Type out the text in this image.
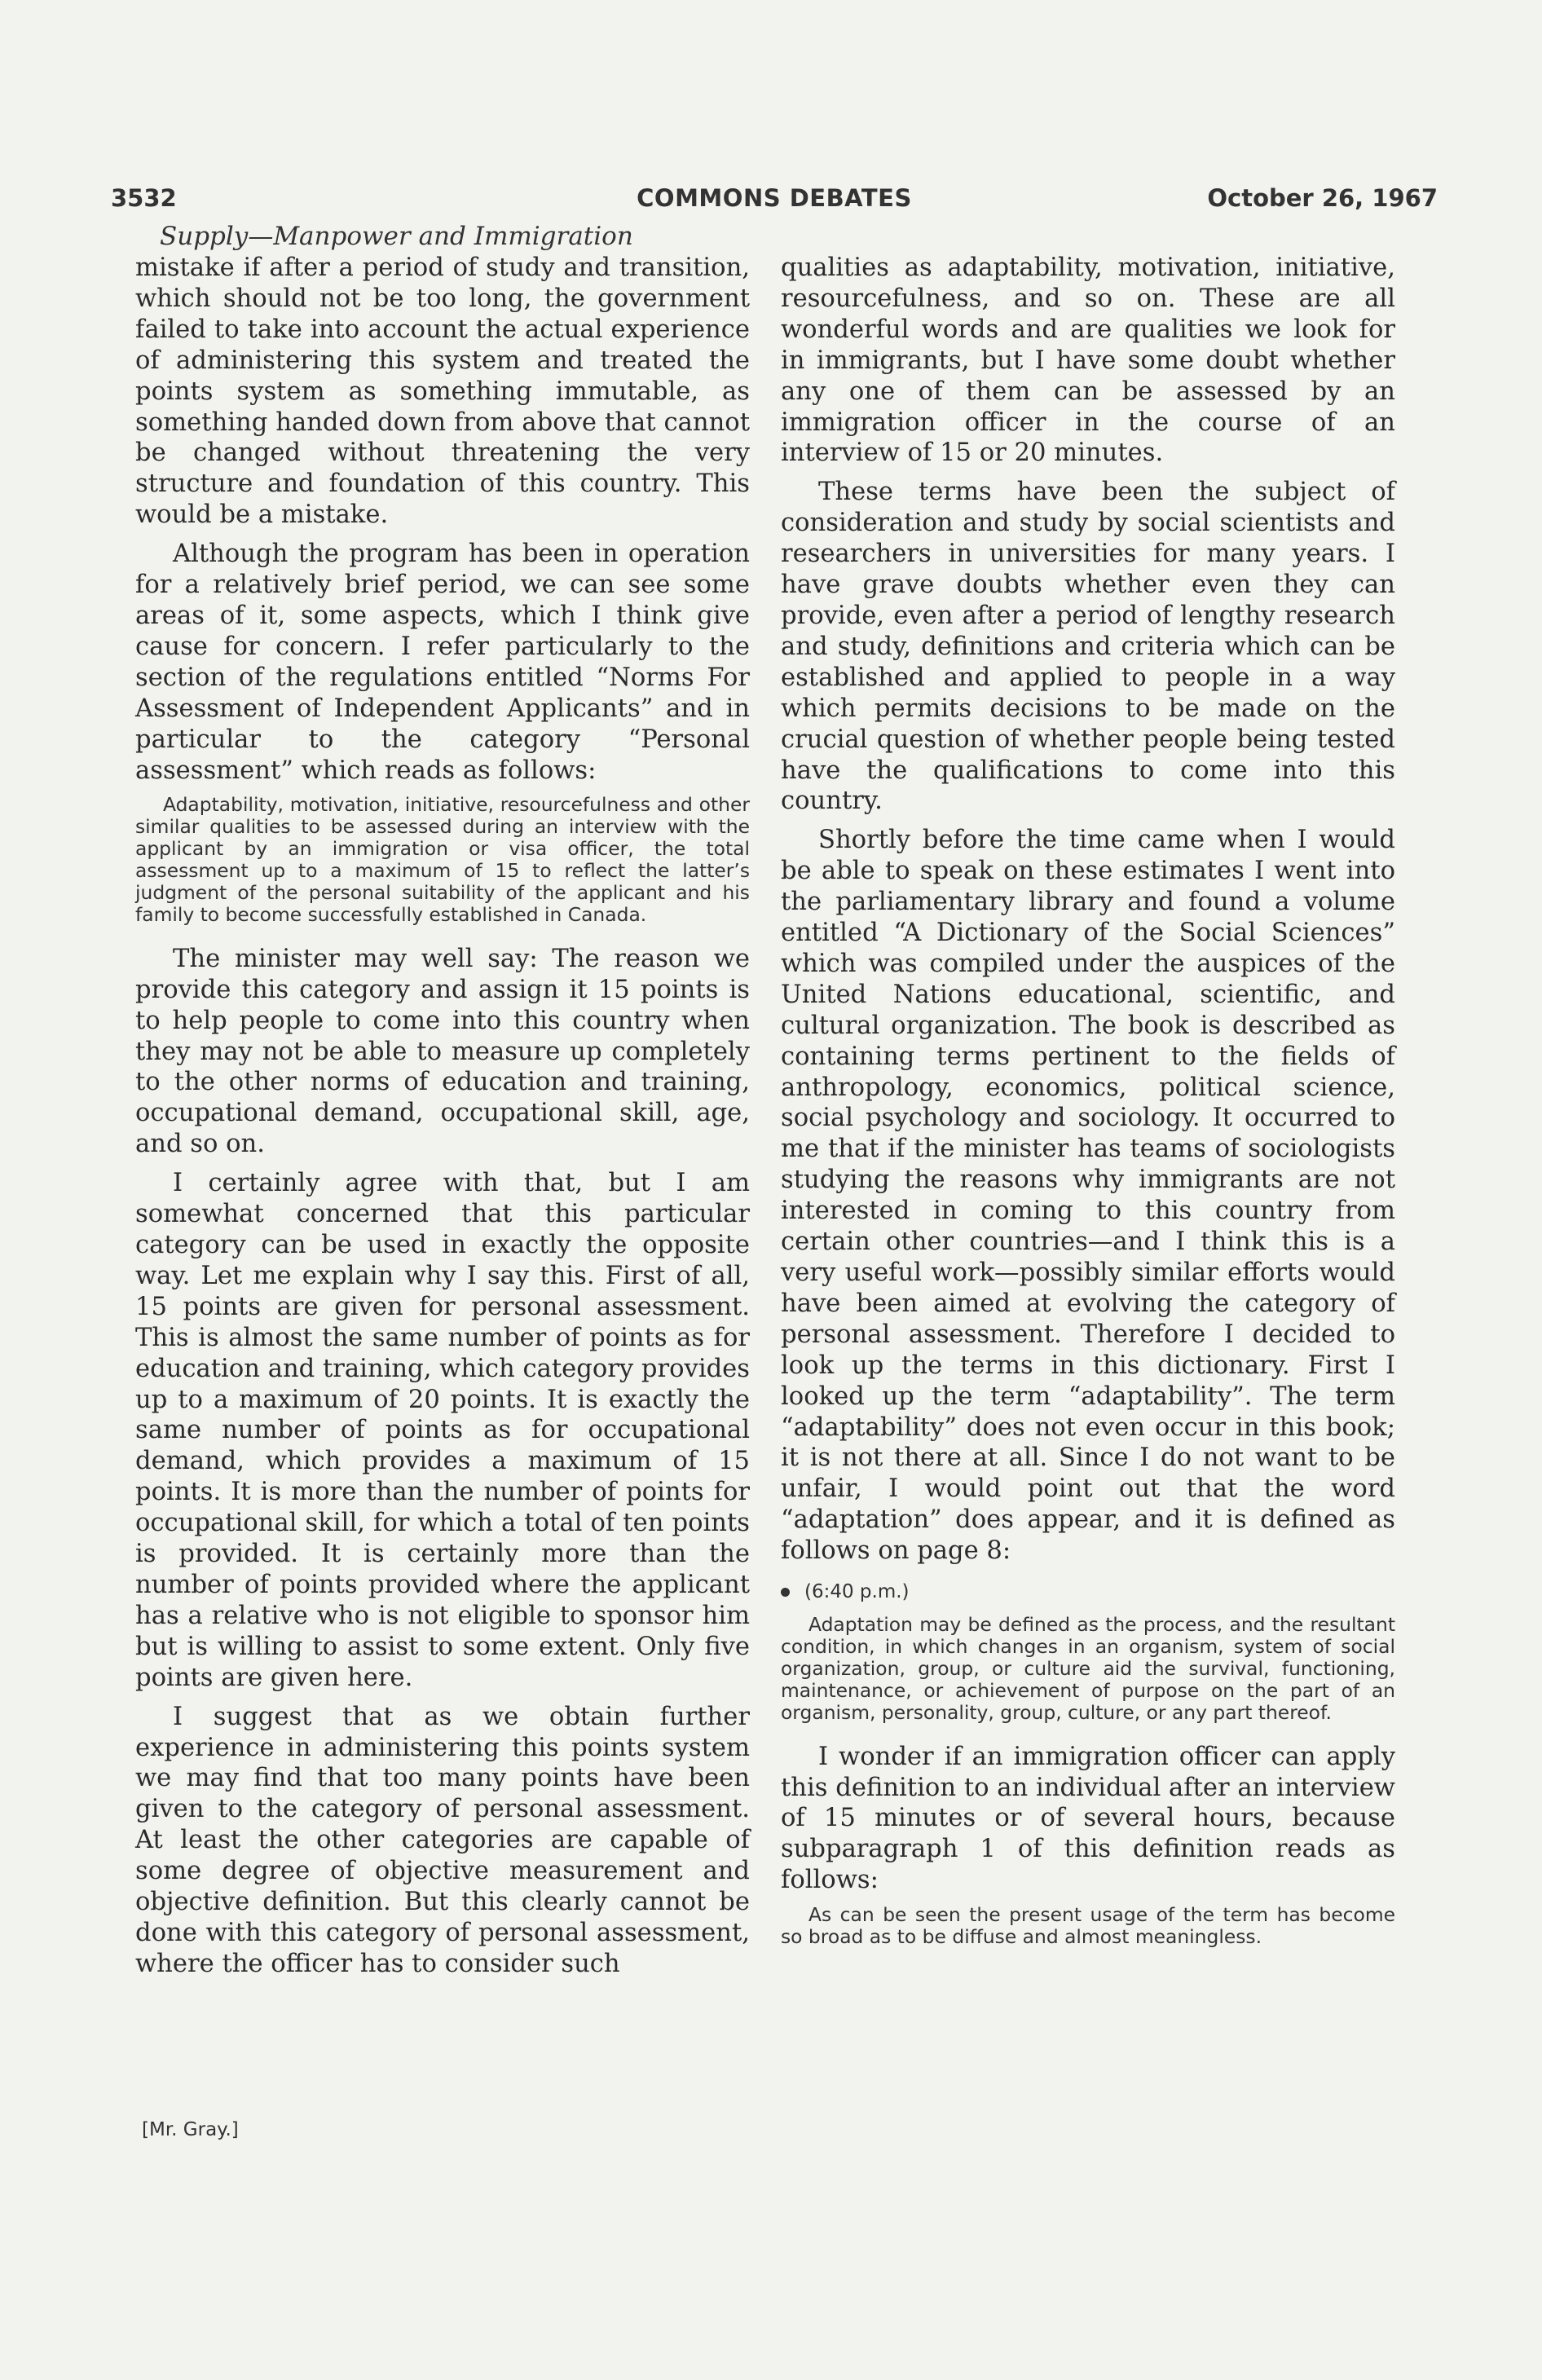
3532	COMMONS DEBATES	October 26, 1967
Supply—Manpower and Immigration

mistake if after a period of study and transition, which should not be too long, the government failed to take into account the actual experience of administering this system and treated the points system as something immutable, as something handed down from above that cannot be changed without threatening the very structure and foundation of this country. This would be a mistake.

Although the program has been in operation for a relatively brief period, we can see some areas of it, some aspects, which I think give cause for concern. I refer particularly to the section of the regulations entitled “Norms For Assessment of Independent Applicants” and in particular to the category “Personal assessment” which reads as follows:

Adaptability, motivation, initiative, resourcefulness and other similar qualities to be assessed during an interview with the applicant by an immigration or visa officer, the total assessment up to a maximum of 15 to reflect the latter’s judgment of the personal suitability of the applicant and his family to become successfully established in Canada.

The minister may well say: The reason we provide this category and assign it 15 points is to help people to come into this country when they may not be able to measure up completely to the other norms of education and training, occupational demand, occupational skill, age, and so on.

I certainly agree with that, but I am somewhat concerned that this particular category can be used in exactly the opposite way. Let me explain why I say this. First of all, 15 points are given for personal assessment. This is almost the same number of points as for education and training, which category provides up to a maximum of 20 points. It is exactly the same number of points as for occupational demand, which provides a maximum of 15 points. It is more than the number of points for occupational skill, for which a total of ten points is provided. It is certainly more than the number of points provided where the applicant has a relative who is not eligible to sponsor him but is willing to assist to some extent. Only five points are given here.

I suggest that as we obtain further experience in administering this points system we may find that too many points have been given to the category of personal assessment. At least the other categories are capable of some degree of objective measurement and objective definition. But this clearly cannot be done with this category of personal assessment, where the officer has to consider such

[Mr. Gray.]

qualities as adaptability, motivation, initiative, resourcefulness, and so on. These are all wonderful words and are qualities we look for in immigrants, but I have some doubt whether any one of them can be assessed by an immigration officer in the course of an interview of 15 or 20 minutes.

These terms have been the subject of consideration and study by social scientists and researchers in universities for many years. I have grave doubts whether even they can provide, even after a period of lengthy research and study, definitions and criteria which can be established and applied to people in a way which permits decisions to be made on the crucial question of whether people being tested have the qualifications to come into this country.

Shortly before the time came when I would be able to speak on these estimates I went into the parliamentary library and found a volume entitled “A Dictionary of the Social Sciences” which was compiled under the auspices of the United Nations educational, scientific, and cultural organization. The book is described as containing terms pertinent to the fields of anthropology, economics, political science, social psychology and sociology. It occurred to me that if the minister has teams of sociologists studying the reasons why immigrants are not interested in coming to this country from certain other countries—and I think this is a very useful work—possibly similar efforts would have been aimed at evolving the category of personal assessment. Therefore I decided to look up the terms in this dictionary. First I looked up the term “adaptability”. The term “adaptability” does not even occur in this book; it is not there at all. Since I do not want to be unfair, I would point out that the word “adaptation” does appear, and it is defined as follows on page 8:

(6:40 p.m.)
Adaptation may be defined as the process, and the resultant condition, in which changes in an organism, system of social organization, group, or culture aid the survival, functioning, maintenance, or achievement of purpose on the part of an organism, personality, group, culture, or any part thereof.

I wonder if an immigration officer can apply this definition to an individual after an interview of 15 minutes or of several hours, because subparagraph 1 of this definition reads as follows:

As can be seen the present usage of the term has become so broad as to be diffuse and almost meaningless.
